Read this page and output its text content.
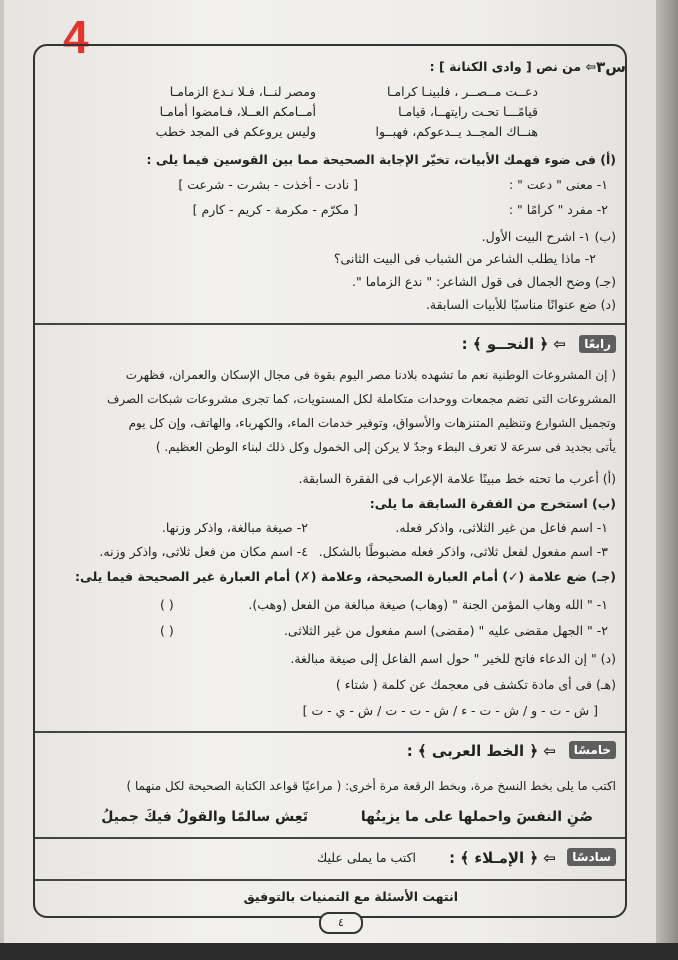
4
س٣
⇦ من نص [ وادى الكنانة ] :
دعــت مــصــر ، فلبينـا كرامـا
ومصر لنــا، فـلا نـدع الزمامـا
قيامًـــا تحـت رايتهــا، قيامـا
أمــامكم العــلا، فـامضوا أمامـا
هنــاك المجــد يــدعوكم، فهبــوا
وليس يروعكم فى المجد خطب
(أ) فى ضوء فهمك الأبيات، تخيّر الإجابة الصحيحة مما بين القوسين فيما يلى :
١- معنى " دعت " :
[ نادت - أخذت - بشرت - شرعت ]
٢- مفرد " كرامًا " :
[ مكرّم - مكرمة - كريم - كارم ]
(ب) ١- اشرح البيت الأول.
٢- ماذا يطلب الشاعر من الشباب فى البيت الثانى؟
(جـ) وضح الجمال فى قول الشاعر: " ندع الزماما ".
(د) ضع عنوانًا مناسبًا للأبيات السابقة.
رابعًا
⇦ ﴿ النحــو ﴾ :
( إن المشروعات الوطنية نعم ما تشهده بلادنا مصر اليوم بقوة فى مجال الإسكان والعمران، فظهرت
المشروعات التى تضم مجمعات ووحدات متكاملة لكل المستويات، كما تجرى مشروعات شبكات الصرف
وتجميل الشوارع وتنظيم المتنزهات والأسواق، وتوفير خدمات الماء، والكهرباء، والهاتف، وإن كل يوم
يأتى بجديد فى سرعة لا تعرف البطء وجدٌ لا يركن إلى الخمول وكل ذلك لبناء الوطن العظيم. )
(أ) أعرب ما تحته خط مبينًا علامة الإعراب فى الفقرة السابقة.
(ب) استخرج من الفقرة السابقة ما يلى:
١- اسم فاعل من غير الثلاثى، واذكر فعله.
٢- صيغة مبالغة، واذكر وزنها.
٣- اسم مفعول لفعل ثلاثى، واذكر فعله مضبوطًا بالشكل.
٤- اسم مكان من فعل ثلاثى، واذكر وزنه.
(جـ) ضع علامة (✓) أمام العبارة الصحيحة، وعلامة (✗) أمام العبارة غير الصحيحة فيما يلى:
١- " الله وهاب المؤمن الجنة " (وهاب) صيغة مبالغة من الفعل (وهب).
( )
٢- " الجهل مقضى عليه " (مقضى) اسم مفعول من غير الثلاثى.
( )
(د) " إن الدعاء فاتح للخير " حول اسم الفاعل إلى صيغة مبالغة.
(هـ) فى أى مادة تكشف فى معجمك عن كلمة ( شتاء )
[ ش - ت - و / ش - ت - ء / ش - ت - ت / ش - ي - ت ]
خامسًا
⇦ ﴿ الخط العربى ﴾ :
اكتب ما يلى بخط النسخ مرة، وبخط الرقعة مرة أخرى: ( مراعيًا قواعد الكتابة الصحيحة لكل منهما )
صُنِ النفسَ واحملها على ما يزينُها
تَعِش سالمًا والقولُ فيكَ جميلُ
سادسًا
⇦ ﴿ الإمـلاء ﴾ :
اكتب ما يملى عليك
انتهت الأسئلة مع التمنيات بالتوفيق
٤
